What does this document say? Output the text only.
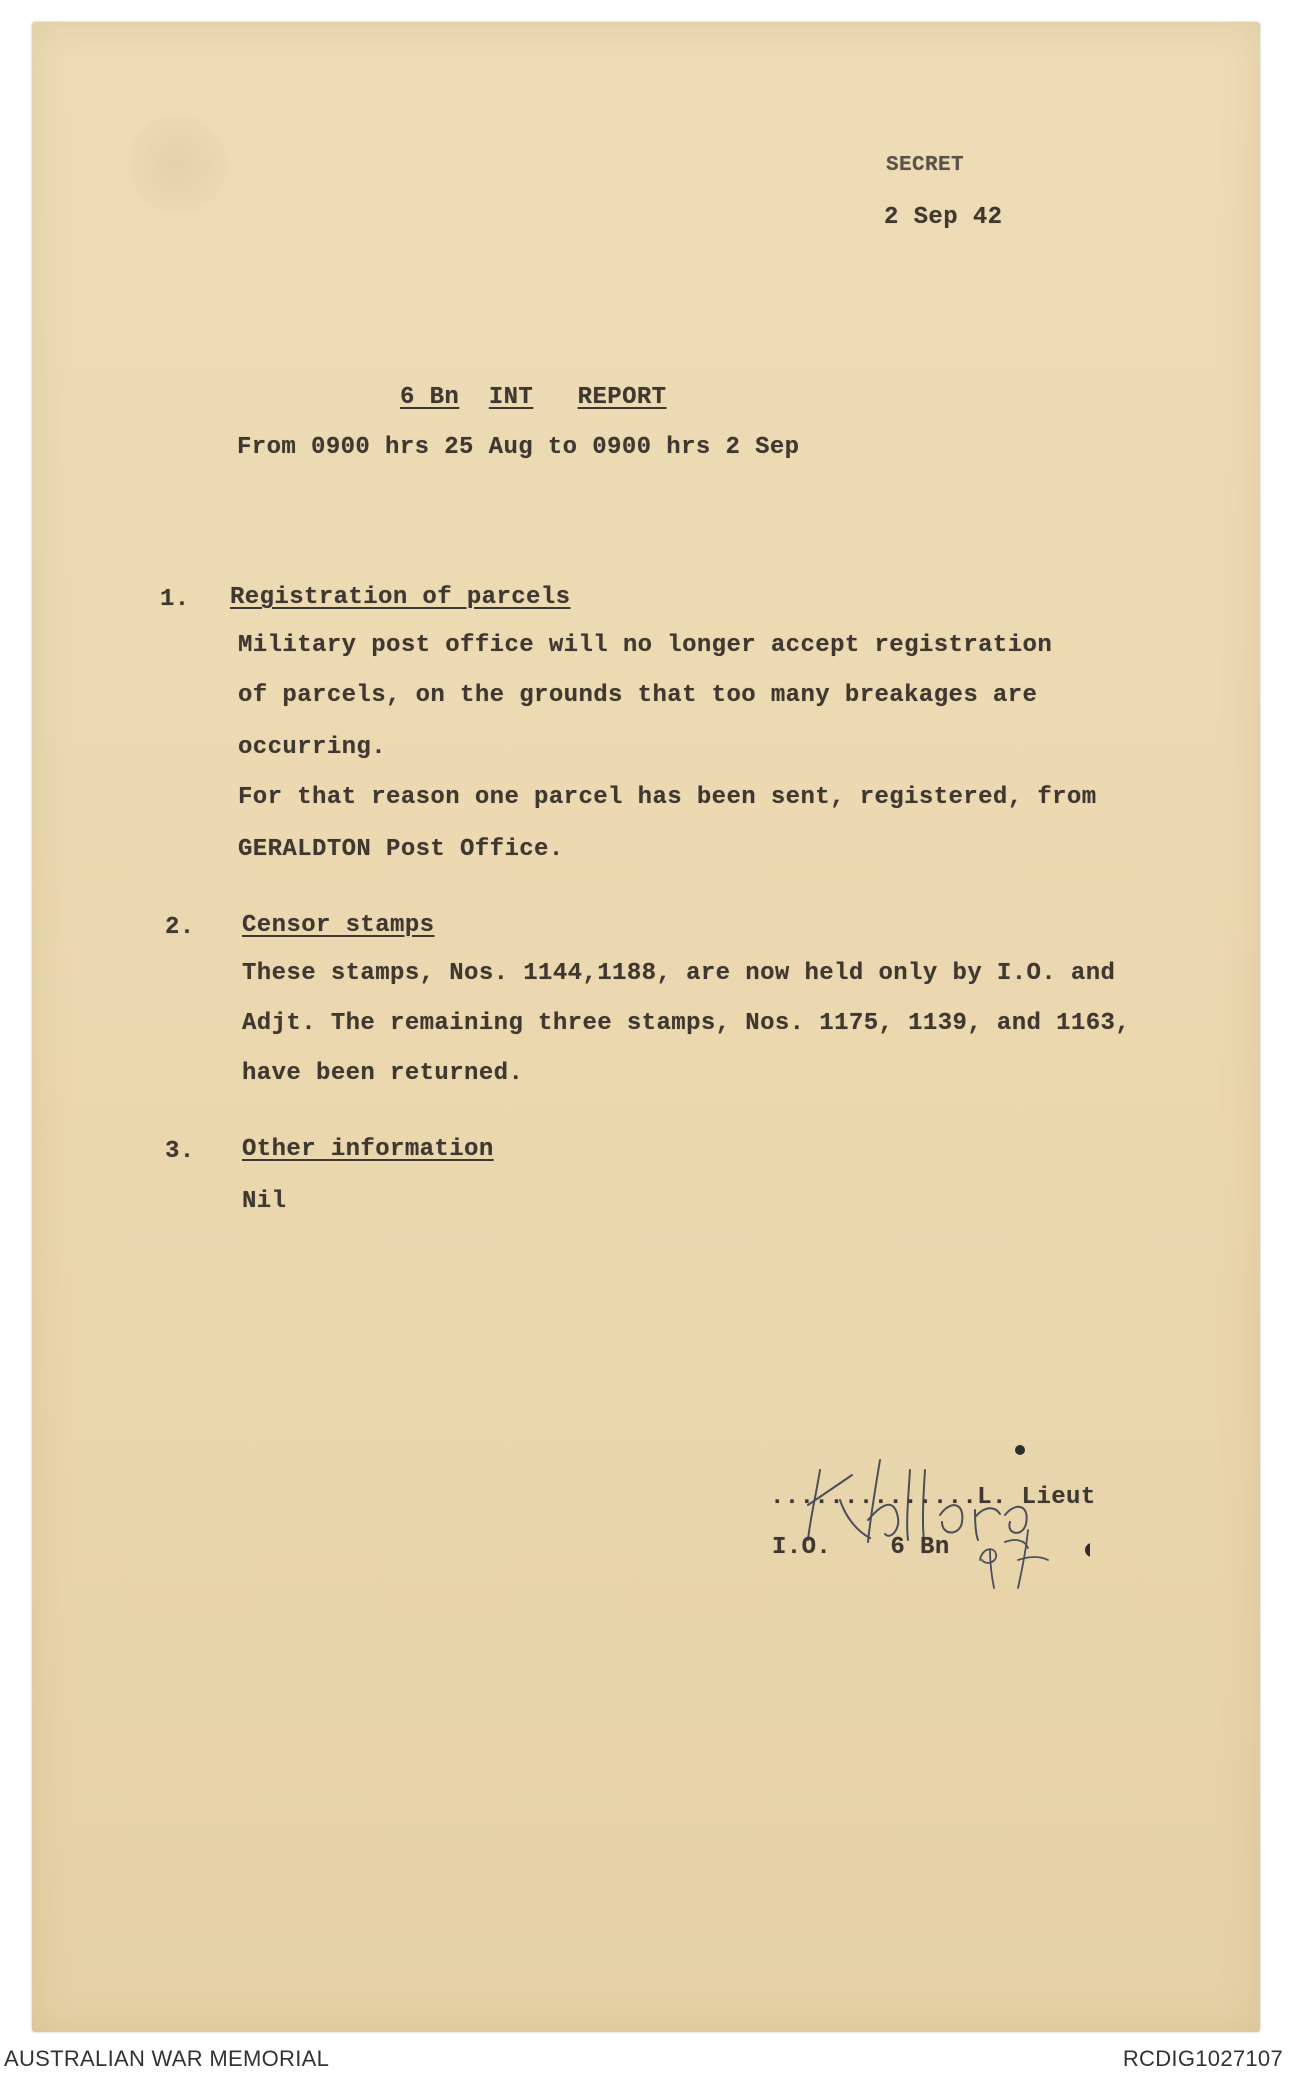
SECRET
2 Sep 42
6 Bn INT REPORT
From 0900 hrs 25 Aug to 0900 hrs 2 Sep
1. Registration of parcels
Military post office will no longer accept registration
of parcels, on the grounds that too many breakages are
occurring.
For that reason one parcel has been sent, registered, from
GERALDTON Post Office.
2. Censor stamps
These stamps, Nos. 1144,1188, are now held only by I.O. and
Adjt. The remaining three stamps, Nos. 1175, 1139, and 1163,
have been returned.
3. Other information
Nil
..............L. Lieut
I.O.    6 Bn
AUSTRALIAN WAR MEMORIAL	RCDIG1027107
